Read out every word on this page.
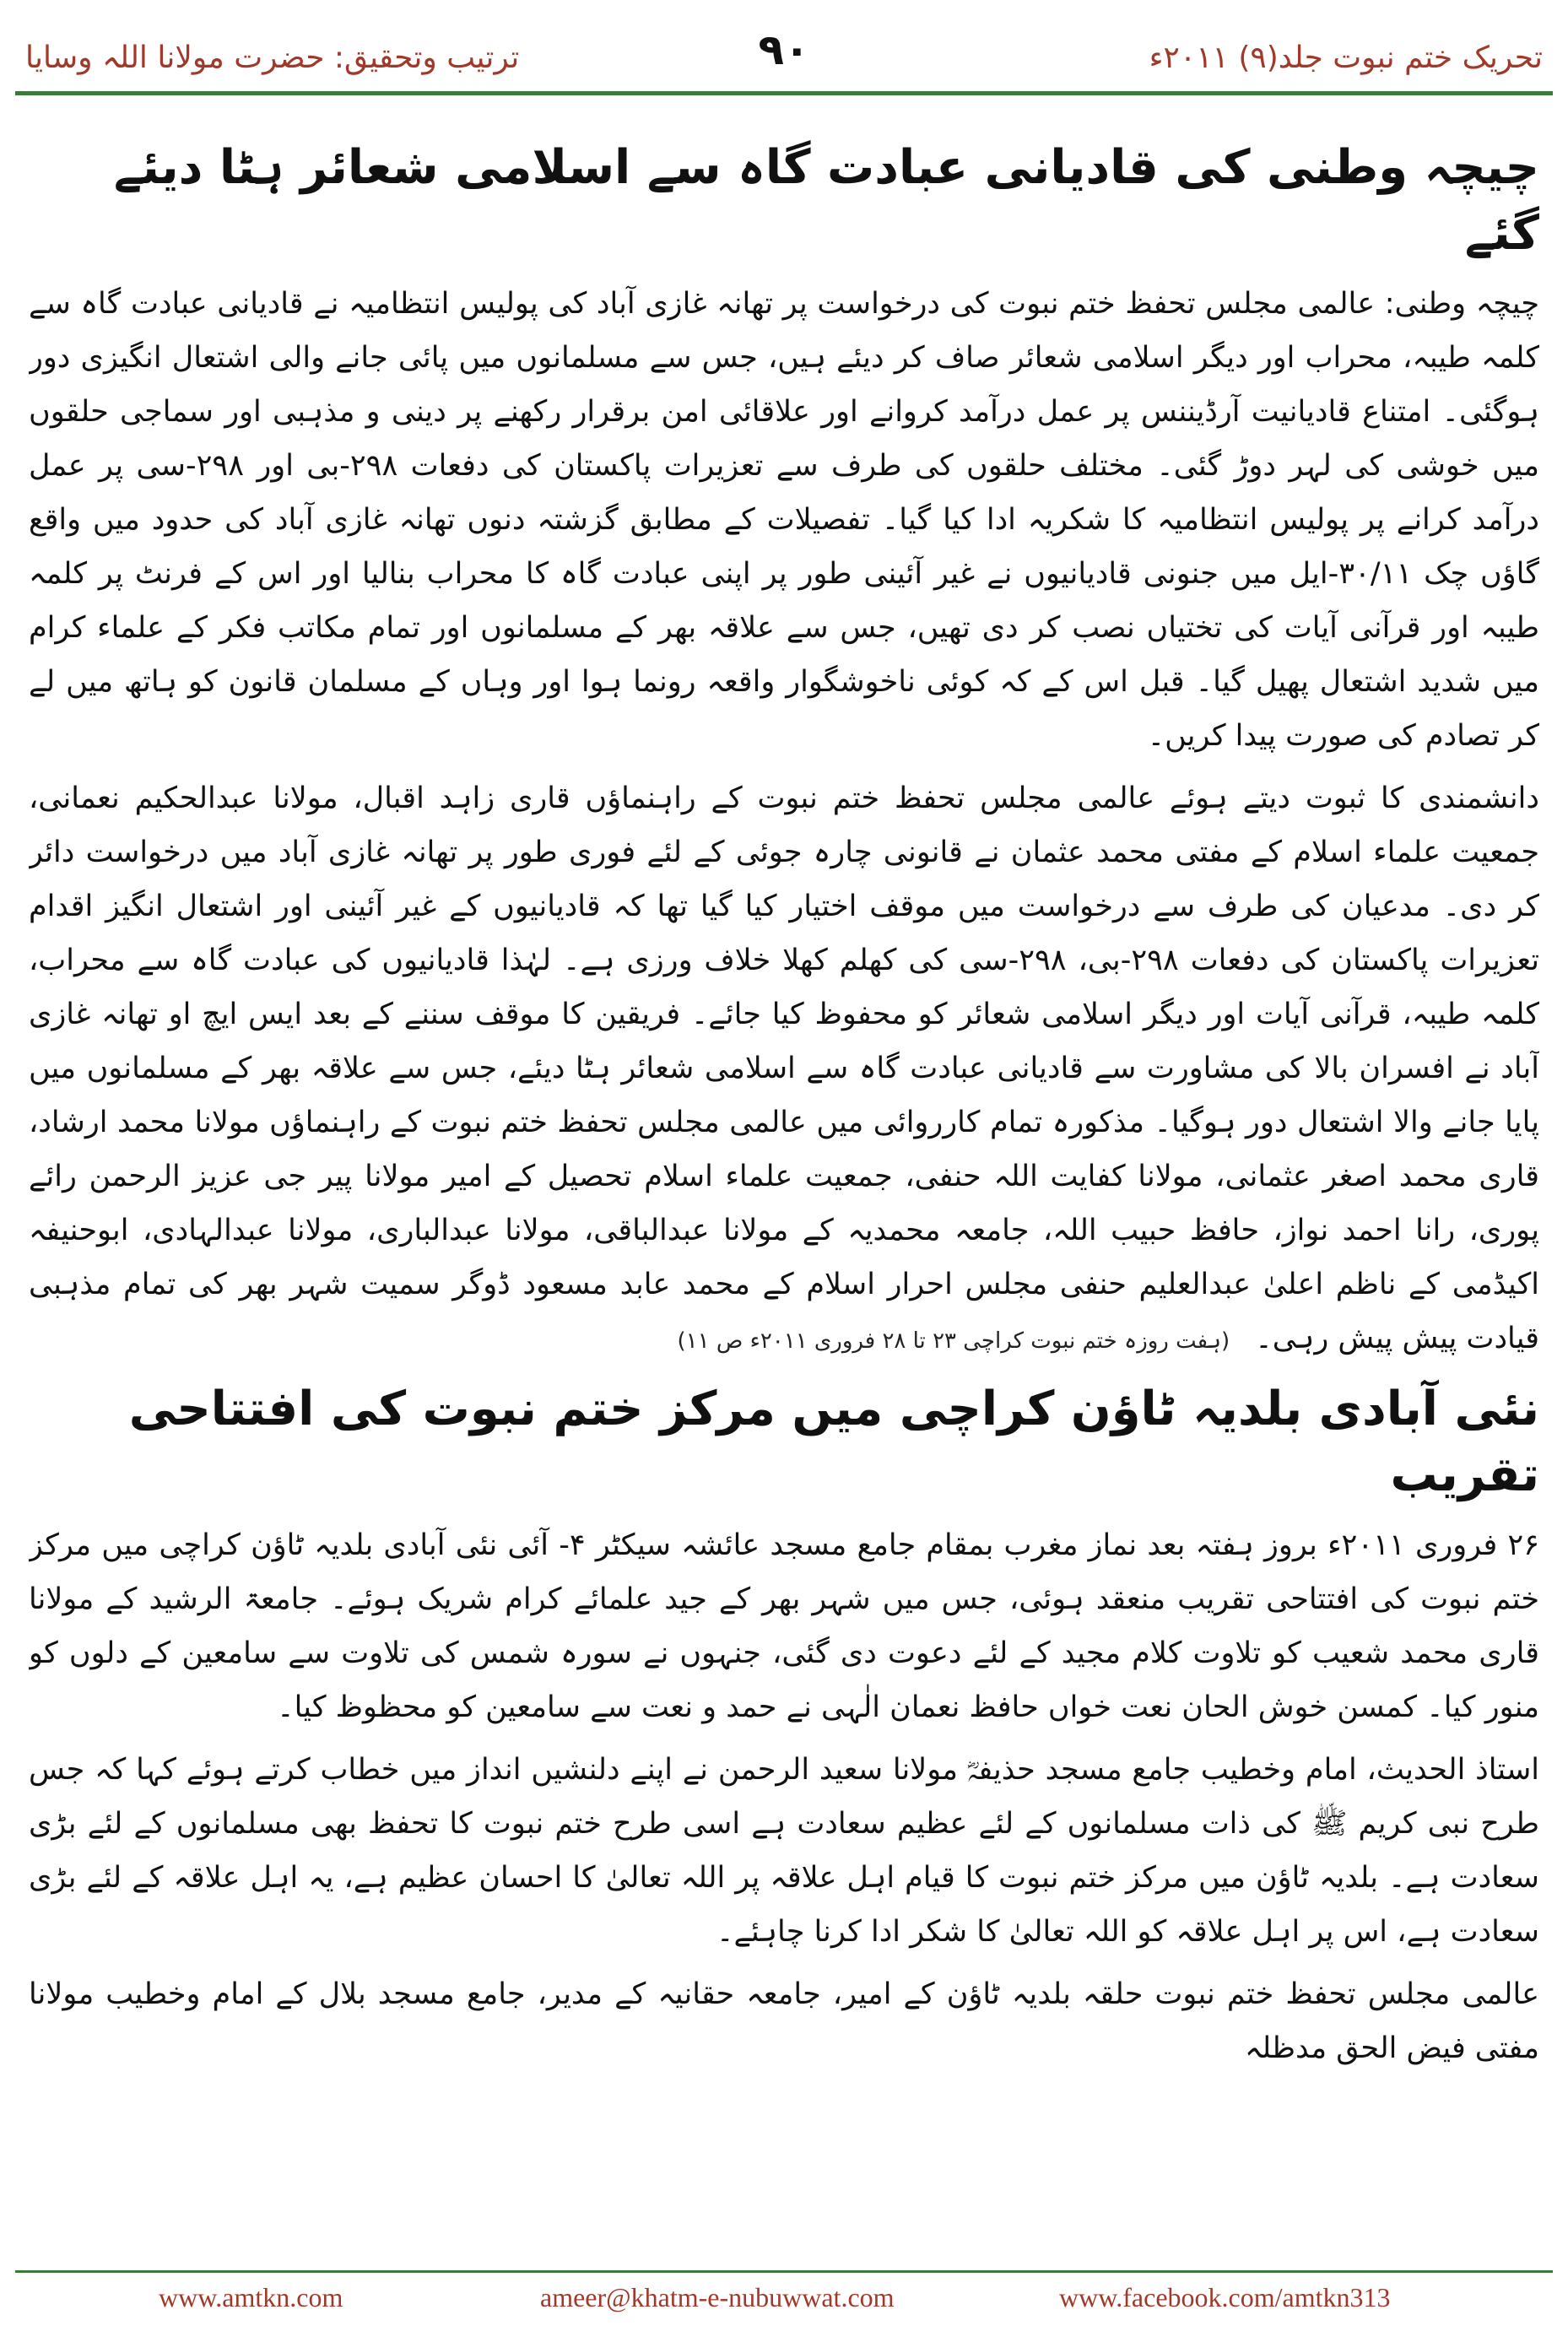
ترتیب وتحقیق: حضرت مولانا اللہ وسایا	۹۰	تحریک ختم نبوت جلد(۹) ۲۰۱۱ء
چیچہ وطنی کی قادیانی عبادت گاہ سے اسلامی شعائر ہٹا دیئے گئے

چیچہ وطنی: عالمی مجلس تحفظ ختم نبوت کی درخواست پر تھانہ غازی آباد کی پولیس انتظامیہ نے قادیانی عبادت گاہ سے کلمہ طیبہ، محراب اور دیگر اسلامی شعائر صاف کر دیئے ہیں، جس سے مسلمانوں میں پائی جانے والی اشتعال انگیزی دور ہوگئی۔ امتناع قادیانیت آرڈیننس پر عمل درآمد کروانے اور علاقائی امن برقرار رکھنے پر دینی و مذہبی اور سماجی حلقوں میں خوشی کی لہر دوڑ گئی۔ مختلف حلقوں کی طرف سے تعزیرات پاکستان کی دفعات ۲۹۸-بی اور ۲۹۸-سی پر عمل درآمد کرانے پر پولیس انتظامیہ کا شکریہ ادا کیا گیا۔ تفصیلات کے مطابق گزشتہ دنوں تھانہ غازی آباد کی حدود میں واقع گاؤں چک ۳۰/۱۱-ایل میں جنونی قادیانیوں نے غیر آئینی طور پر اپنی عبادت گاہ کا محراب بنالیا اور اس کے فرنٹ پر کلمہ طیبہ اور قرآنی آیات کی تختیاں نصب کر دی تھیں، جس سے علاقہ بھر کے مسلمانوں اور تمام مکاتب فکر کے علماء کرام میں شدید اشتعال پھیل گیا۔ قبل اس کے کہ کوئی ناخوشگوار واقعہ رونما ہوا اور وہاں کے مسلمان قانون کو ہاتھ میں لے کر تصادم کی صورت پیدا کریں۔

دانشمندی کا ثبوت دیتے ہوئے عالمی مجلس تحفظ ختم نبوت کے راہنماؤں قاری زاہد اقبال، مولانا عبدالحکیم نعمانی، جمعیت علماء اسلام کے مفتی محمد عثمان نے قانونی چارہ جوئی کے لئے فوری طور پر تھانہ غازی آباد میں درخواست دائر کر دی۔ مدعیان کی طرف سے درخواست میں موقف اختیار کیا گیا تھا کہ قادیانیوں کے غیر آئینی اور اشتعال انگیز اقدام تعزیرات پاکستان کی دفعات ۲۹۸-بی، ۲۹۸-سی کی کھلم کھلا خلاف ورزی ہے۔ لہٰذا قادیانیوں کی عبادت گاہ سے محراب، کلمہ طیبہ، قرآنی آیات اور دیگر اسلامی شعائر کو محفوظ کیا جائے۔ فریقین کا موقف سننے کے بعد ایس ایچ او تھانہ غازی آباد نے افسران بالا کی مشاورت سے قادیانی عبادت گاہ سے اسلامی شعائر ہٹا دیئے، جس سے علاقہ بھر کے مسلمانوں میں پایا جانے والا اشتعال دور ہوگیا۔ مذکورہ تمام کارروائی میں عالمی مجلس تحفظ ختم نبوت کے راہنماؤں مولانا محمد ارشاد، قاری محمد اصغر عثمانی، مولانا کفایت اللہ حنفی، جمعیت علماء اسلام تحصیل کے امیر مولانا پیر جی عزیز الرحمن رائے پوری، رانا احمد نواز، حافظ حبیب اللہ، جامعہ محمدیہ کے مولانا عبدالباقی، مولانا عبدالباری، مولانا عبدالہادی، ابوحنیفہ اکیڈمی کے ناظم اعلیٰ عبدالعلیم حنفی مجلس احرار اسلام کے محمد عابد مسعود ڈوگر سمیت شہر بھر کی تمام مذہبی قیادت پیش پیش رہی۔(ہفت روزہ ختم نبوت کراچی ۲۳ تا ۲۸ فروری ۲۰۱۱ء ص ۱۱)

نئی آبادی بلدیہ ٹاؤن کراچی میں مرکز ختم نبوت کی افتتاحی تقریب

۲۶ فروری ۲۰۱۱ء بروز ہفتہ بعد نماز مغرب بمقام جامع مسجد عائشہ سیکٹر ۴- آئی نئی آبادی بلدیہ ٹاؤن کراچی میں مرکز ختم نبوت کی افتتاحی تقریب منعقد ہوئی، جس میں شہر بھر کے جید علمائے کرام شریک ہوئے۔ جامعۃ الرشید کے مولانا قاری محمد شعیب کو تلاوت کلام مجید کے لئے دعوت دی گئی، جنہوں نے سورہ شمس کی تلاوت سے سامعین کے دلوں کو منور کیا۔ کمسن خوش الحان نعت خواں حافظ نعمان الٰہی نے حمد و نعت سے سامعین کو محظوظ کیا۔

استاذ الحدیث، امام وخطیب جامع مسجد حذیفہؓ مولانا سعید الرحمن نے اپنے دلنشیں انداز میں خطاب کرتے ہوئے کہا کہ جس طرح نبی کریم ﷺ کی ذات مسلمانوں کے لئے عظیم سعادت ہے اسی طرح ختم نبوت کا تحفظ بھی مسلمانوں کے لئے بڑی سعادت ہے۔ بلدیہ ٹاؤن میں مرکز ختم نبوت کا قیام اہل علاقہ پر اللہ تعالیٰ کا احسان عظیم ہے، یہ اہل علاقہ کے لئے بڑی سعادت ہے، اس پر اہل علاقہ کو اللہ تعالیٰ کا شکر ادا کرنا چاہئے۔

عالمی مجلس تحفظ ختم نبوت حلقہ بلدیہ ٹاؤن کے امیر، جامعہ حقانیہ کے مدیر، جامع مسجد بلال کے امام وخطیب مولانا مفتی فیض الحق مدظلہ

www.amtkn.com	ameer@khatm-e-nubuwwat.com	www.facebook.com/amtkn313
